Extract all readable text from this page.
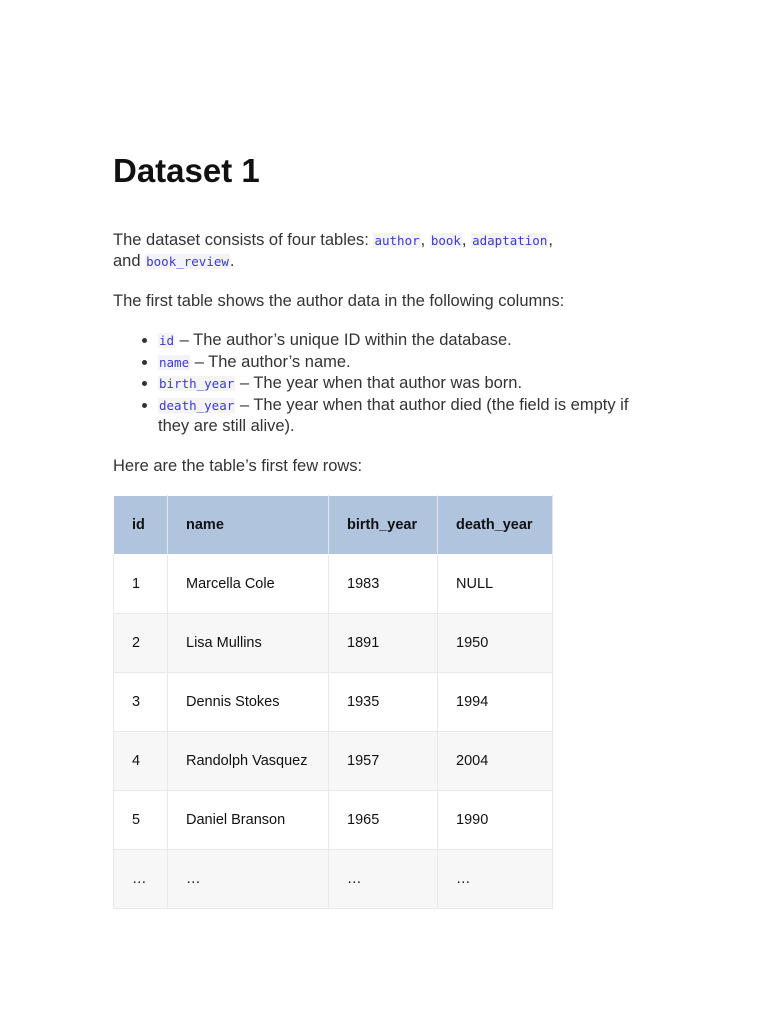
Dataset 1

The dataset consists of four tables: author, book, adaptation,
and book_review.

The first table shows the author data in the following columns:

• id – The author’s unique ID within the database.
• name – The author’s name.
• birth_year – The year when that author was born.
• death_year – The year when that author died (the field is empty if they are still alive).

Here are the table’s first few rows:

id	name	birth_year	death_year
1	Marcella Cole	1983	NULL
2	Lisa Mullins	1891	1950
3	Dennis Stokes	1935	1994
4	Randolph Vasquez	1957	2004
5	Daniel Branson	1965	1990
…	…	…	…
